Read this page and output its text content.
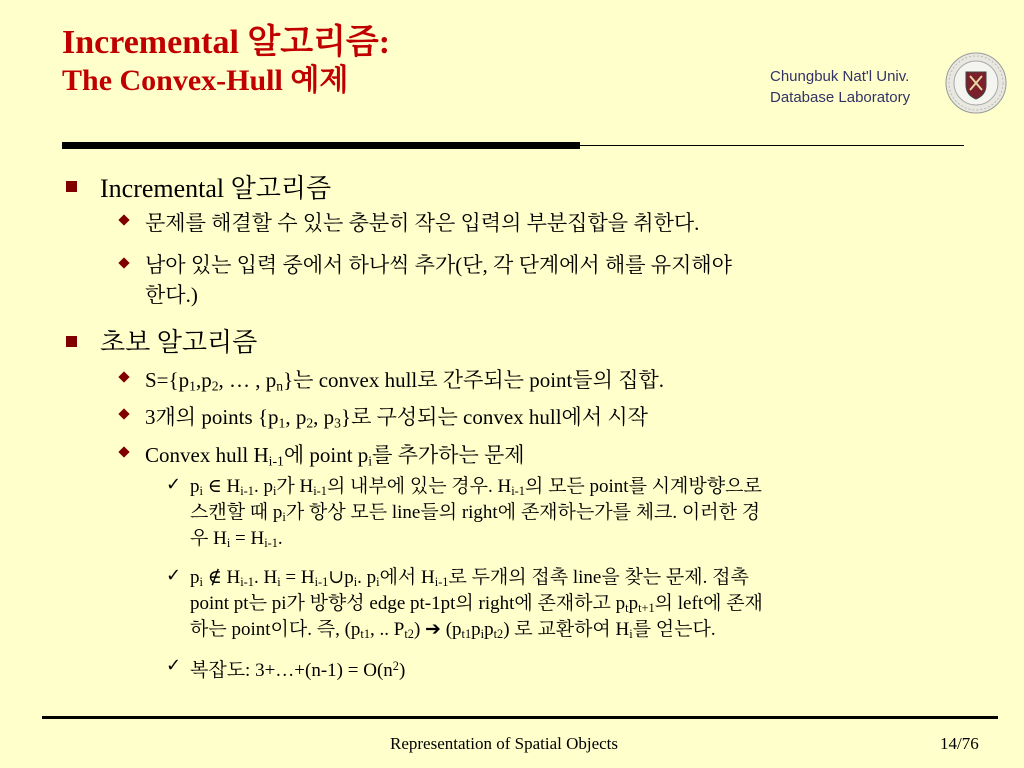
Incremental 알고리즘:
The Convex-Hull 예제	Chungbuk Nat'l Univ.
Database Laboratory
Incremental 알고리즘
문제를 해결할 수 있는 충분히 작은 입력의 부분집합을 취한다.
남아 있는 입력 중에서 하나씩 추가(단, 각 단계에서 해를 유지해야
한다.)
초보 알고리즘
$S=\{p_1,p_2$, … , $p_n$}는 convex hull로 간주되는 point들의 집합.
3개의 points {$p_1$, $p_2$, $p_3$}로 구성되는 convex hull에서 시작
Convex hull $H_{i-1}$에 point $p_i$를 추가하는 문제
✓ $p_i$ ∈ $H_{i-1}$. $p_i$가 $H_{i-1}$의 내부에 있는 경우. $H_{i-1}$의 모든 point를 시계방향으로
스캔할 때 $p_i$가 항상 모든 line들의 right에 존재하는가를 체크. 이러한 경
우 $H_i = H_{i-1}$.
✓ $p_i$ ∉ $H_{i-1}$. $H_i$ = $H_{i-1}\cup p_i$. $p_i$에서 $H_{i-1}$로 두개의 접촉 line을 찾는 문제. 접촉
point pt는 pi가 방향성 edge pt-1pt의 right에 존재하고 $p_tp_{t+1}$의 left에 존재
하는 point이다. 즉, ($p_{t1}$, .. $P_{t2}$) ➔ $(p_{t1}p_ip_{t2})$ 로 교환하여 $H_i$를 얻는다.
✓ 복잡도: 3+…+(n-1) = $O(n^2)$
Representation of Spatial Objects	14/76
